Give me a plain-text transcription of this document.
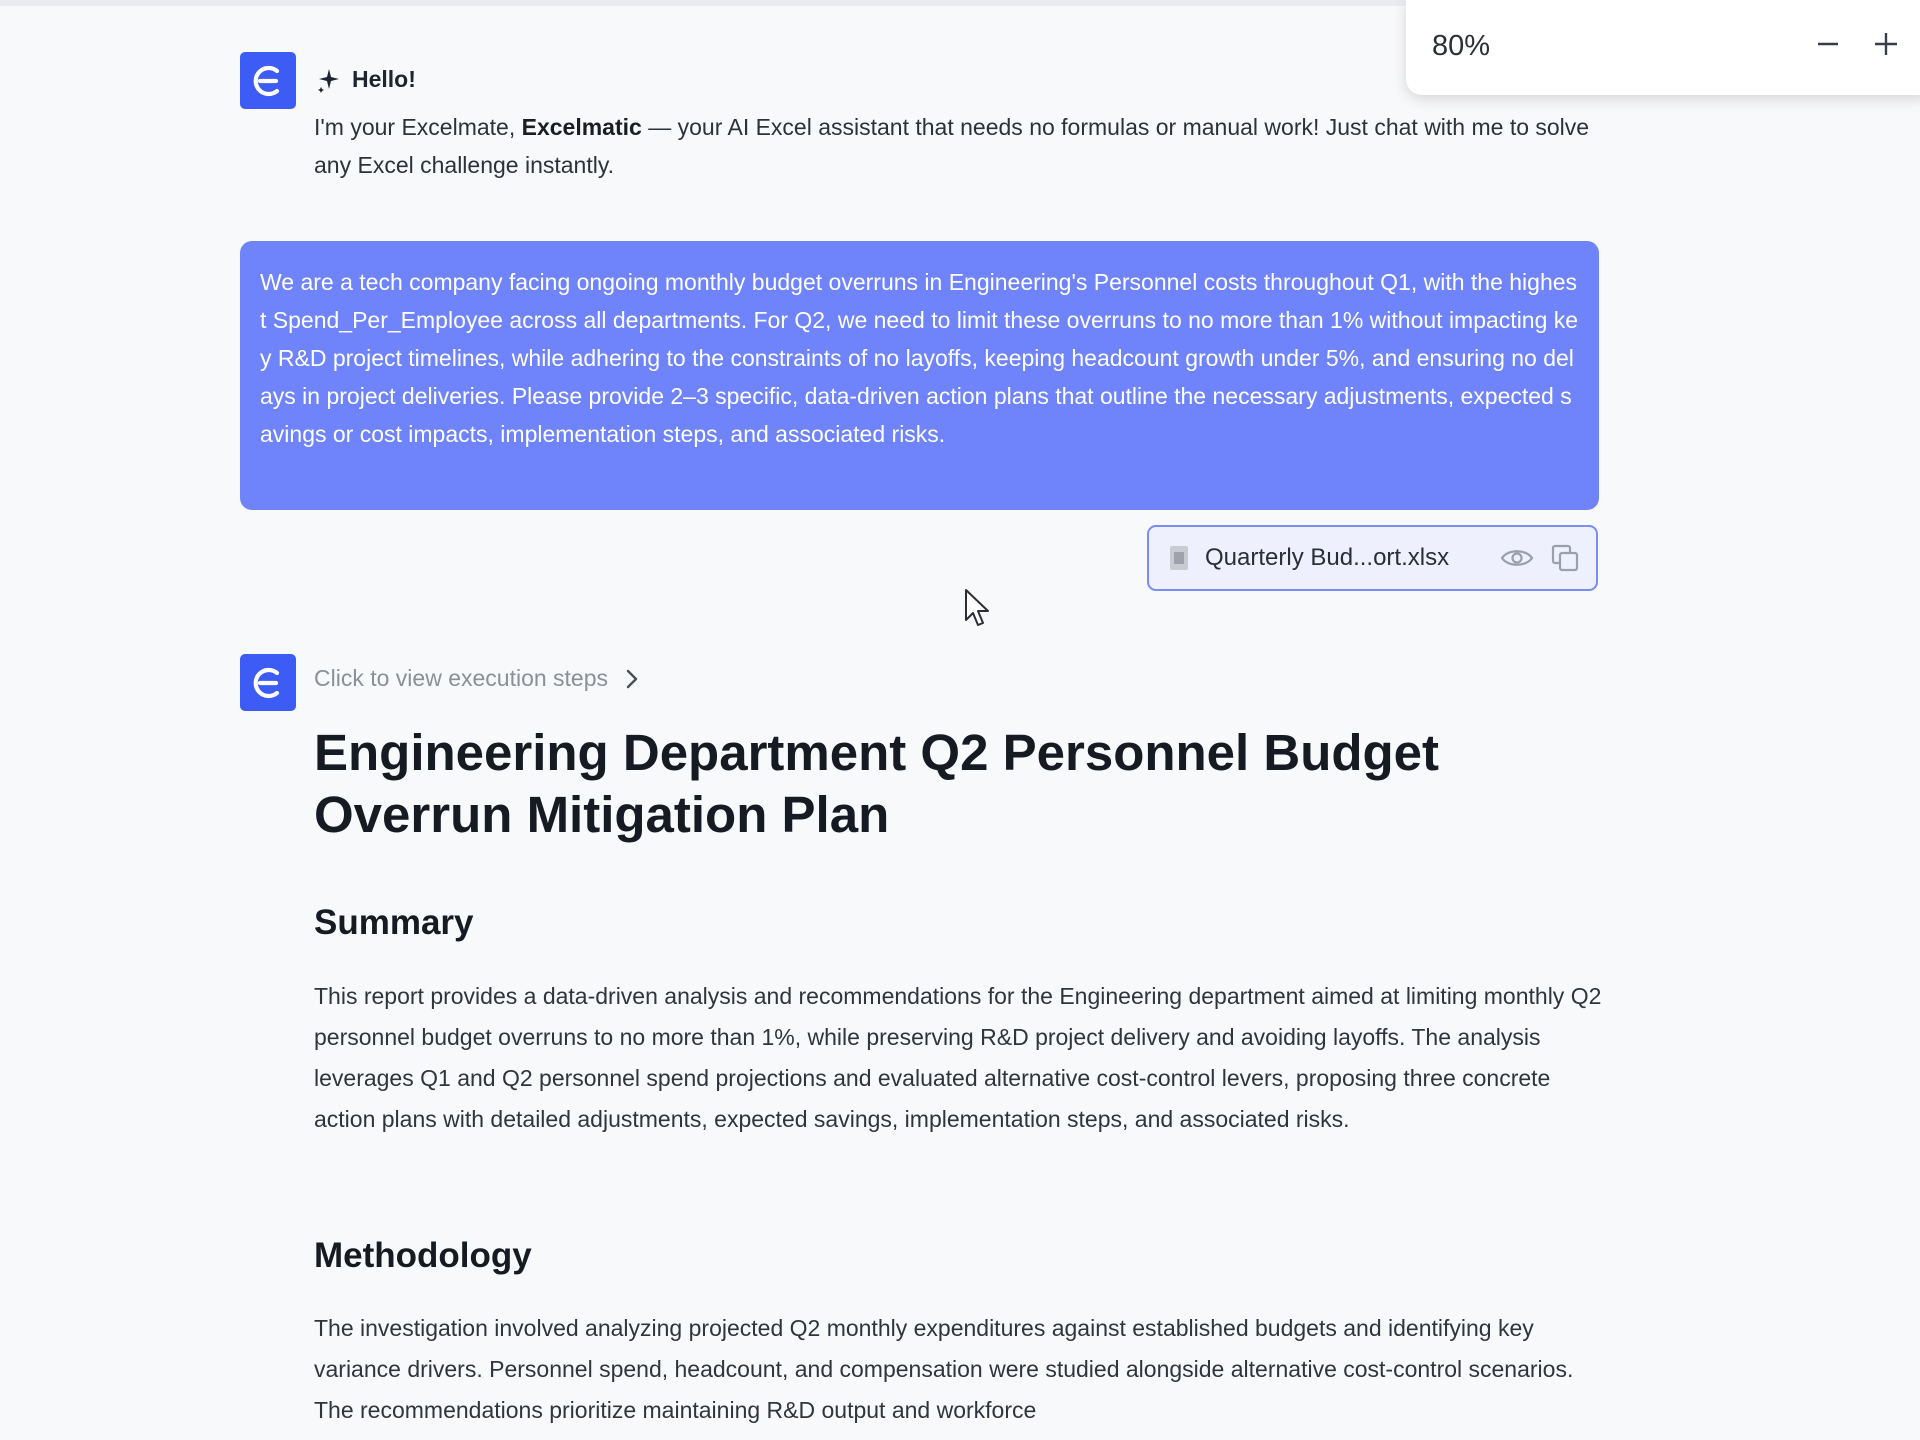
80%
Hello!
I'm your Excelmate, Excelmatic — your AI Excel assistant that needs no formulas or manual work! Just chat with me to solve any Excel challenge instantly.
We are a tech company facing ongoing monthly budget overruns in Engineering's Personnel costs throughout Q1, with the highest Spend_Per_Employee across all departments. For Q2, we need to limit these overruns to no more than 1% without impacting key R&D project timelines, while adhering to the constraints of no layoffs, keeping headcount growth under 5%, and ensuring no delays in project deliveries. Please provide 2–3 specific, data-driven action plans that outline the necessary adjustments, expected savings or cost impacts, implementation steps, and associated risks.
Quarterly Bud...ort.xlsx
Click to view execution steps
Engineering Department Q2 Personnel Budget Overrun Mitigation Plan
Summary

This report provides a data-driven analysis and recommendations for the Engineering department aimed at limiting monthly Q2 personnel budget overruns to no more than 1%, while preserving R&D project delivery and avoiding layoffs. The analysis leverages Q1 and Q2 personnel spend projections and evaluated alternative cost-control levers, proposing three concrete action plans with detailed adjustments, expected savings, implementation steps, and associated risks.

Methodology

The investigation involved analyzing projected Q2 monthly expenditures against established budgets and identifying key variance drivers. Personnel spend, headcount, and compensation were studied alongside alternative cost-control scenarios. The recommendations prioritize maintaining R&D output and workforce
